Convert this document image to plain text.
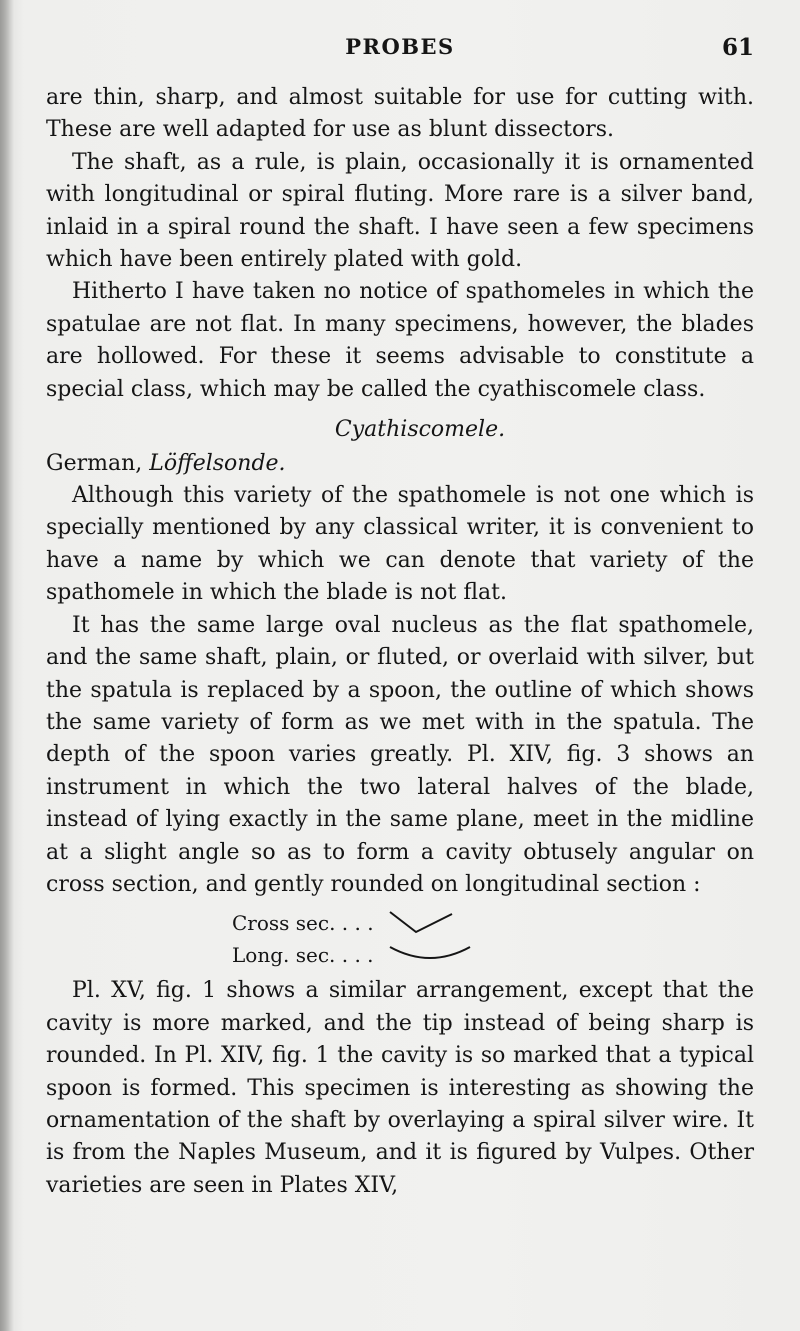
PROBES	61

are thin, sharp, and almost suitable for use for cutting with. These are well adapted for use as blunt dissectors.

The shaft, as a rule, is plain, occasionally it is ornamented with longitudinal or spiral fluting. More rare is a silver band, inlaid in a spiral round the shaft. I have seen a few specimens which have been entirely plated with gold.

Hitherto I have taken no notice of spathomeles in which the spatulae are not flat. In many specimens, however, the blades are hollowed. For these it seems advisable to constitute a special class, which may be called the cyathiscomele class.

Cyathiscomele.

German, Löffelsonde.

Although this variety of the spathomele is not one which is specially mentioned by any classical writer, it is convenient to have a name by which we can denote that variety of the spathomele in which the blade is not flat.

It has the same large oval nucleus as the flat spathomele, and the same shaft, plain, or fluted, or overlaid with silver, but the spatula is replaced by a spoon, the outline of which shows the same variety of form as we met with in the spatula. The depth of the spoon varies greatly. Pl. XIV, fig. 3 shows an instrument in which the two lateral halves of the blade, instead of lying exactly in the same plane, meet in the midline at a slight angle so as to form a cavity obtusely angular on cross section, and gently rounded on longitudinal section :

Cross sec. . . .
Long. sec. . . .

Pl. XV, fig. 1 shows a similar arrangement, except that the cavity is more marked, and the tip instead of being sharp is rounded. In Pl. XIV, fig. 1 the cavity is so marked that a typical spoon is formed. This specimen is interesting as showing the ornamentation of the shaft by overlaying a spiral silver wire. It is from the Naples Museum, and it is figured by Vulpes. Other varieties are seen in Plates XIV,
